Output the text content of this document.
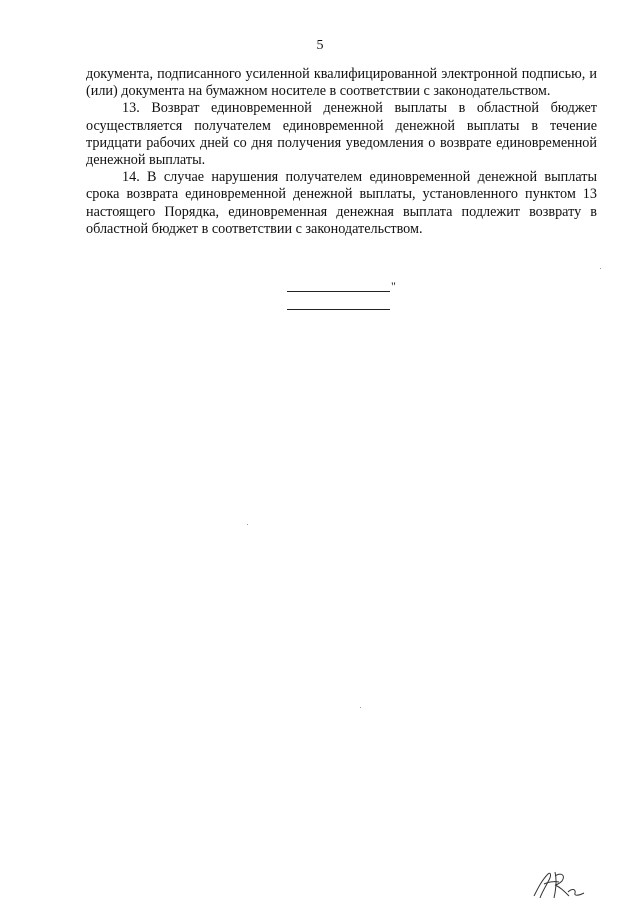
5

документа, подписанного усиленной квалифицированной электронной подписью, и (или) документа на бумажном носителе в соответствии с законодательством.

13. Возврат единовременной денежной выплаты в областной бюджет осуществляется получателем единовременной денежной выплаты в течение тридцати рабочих дней со дня получения уведомления о возврате единовременной денежной выплаты.

14. В случае нарушения получателем единовременной денежной выплаты срока возврата единовременной денежной выплаты, установленного пунктом 13 настоящего Порядка, единовременная денежная выплата подлежит возврату в областной бюджет в соответствии с законодательством.

"
